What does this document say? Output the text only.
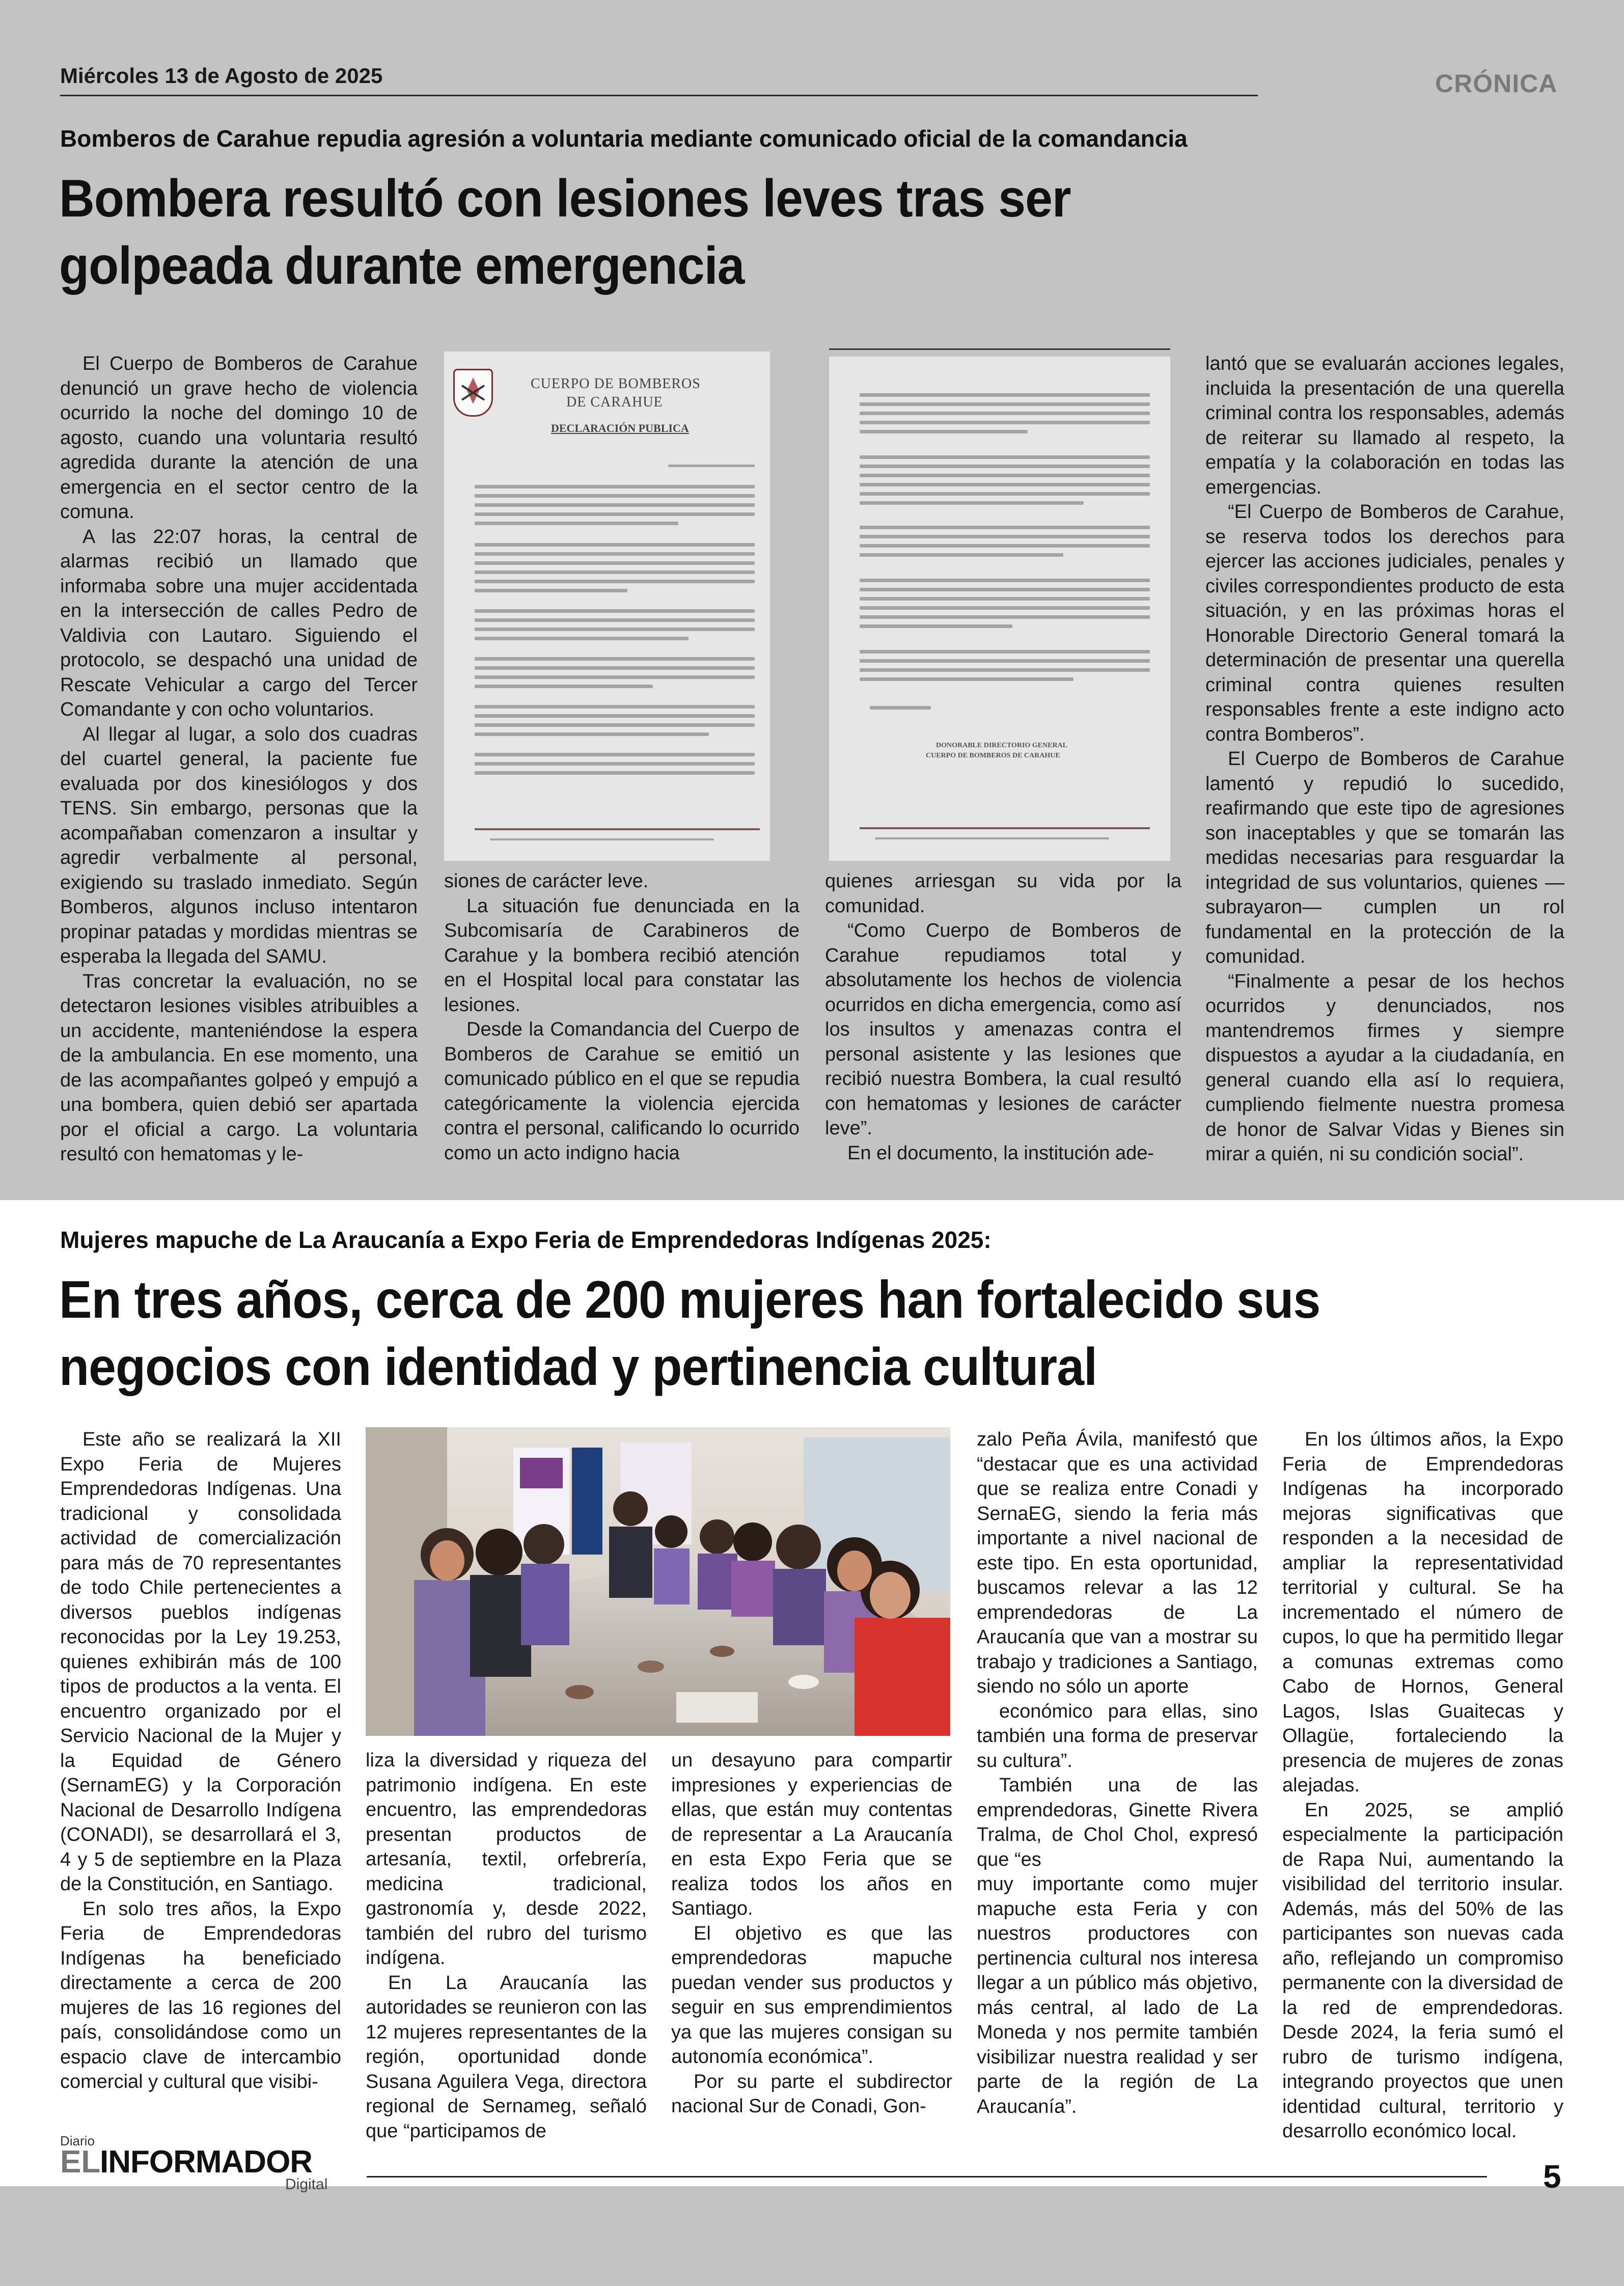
Miércoles 13 de Agosto de 2025	CRÓNICA
Bomberos de Carahue repudia agresión a voluntaria mediante comunicado oficial de la comandancia
Bombera resultó con lesiones leves tras ser golpeada durante emergencia

El Cuerpo de Bomberos de Carahue denunció un grave hecho de violencia ocurrido la noche del domingo 10 de agosto, cuando una voluntaria resultó agredida durante la atención de una emergencia en el sector centro de la comuna.

A las 22:07 horas, la central de alarmas recibió un llamado que informaba sobre una mujer accidentada en la intersección de calles Pedro de Valdivia con Lautaro. Siguiendo el protocolo, se despachó una unidad de Rescate Vehicular a cargo del Tercer Comandante y con ocho voluntarios.

Al llegar al lugar, a solo dos cuadras del cuartel general, la paciente fue evaluada por dos kinesiólogos y dos TENS. Sin embargo, personas que la acompañaban comenzaron a insultar y agredir verbalmente al personal, exigiendo su traslado inmediato. Según Bomberos, algunos incluso intentaron propinar patadas y mordidas mientras se esperaba la llegada del SAMU.

Tras concretar la evaluación, no se detectaron lesiones visibles atribuibles a un accidente, manteniéndose la espera de la ambulancia. En ese momento, una de las acompañantes golpeó y empujó a una bombera, quien debió ser apartada por el oficial a cargo. La voluntaria resultó con hematomas y le-

CUERPO DE BOMBEROS
DE CARAHUE
DECLARACIÓN PUBLICA

siones de carácter leve.

La situación fue denunciada en la Subcomisaría de Carabineros de Carahue y la bombera recibió atención en el Hospital local para constatar las lesiones.

Desde la Comandancia del Cuerpo de Bomberos de Carahue se emitió un comunicado público en el que se repudia categóricamente la violencia ejercida contra el personal, calificando lo ocurrido como un acto indigno hacia

DONORABLE DIRECTORIO GENERAL
CUERPO DE BOMBEROS DE CARAHUE

quienes arriesgan su vida por la comunidad.

“Como Cuerpo de Bomberos de Carahue repudiamos total y absolutamente los hechos de violencia ocurridos en dicha emergencia, como así los insultos y amenazas contra el personal asistente y las lesiones que recibió nuestra Bombera, la cual resultó con hematomas y lesiones de carácter leve”.

En el documento, la institución ade-

lantó que se evaluarán acciones legales, incluida la presentación de una querella criminal contra los responsables, además de reiterar su llamado al respeto, la empatía y la colaboración en todas las emergencias.

“El Cuerpo de Bomberos de Carahue, se reserva todos los derechos para ejercer las acciones judiciales, penales y civiles correspondientes producto de esta situación, y en las próximas horas el Honorable Directorio General tomará la determinación de presentar una querella criminal contra quienes resulten responsables frente a este indigno acto contra Bomberos”.

El Cuerpo de Bomberos de Carahue lamentó y repudió lo sucedido, reafirmando que este tipo de agresiones son inaceptables y que se tomarán las medidas necesarias para resguardar la integridad de sus voluntarios, quienes —subrayaron— cumplen un rol fundamental en la protección de la comunidad.

“Finalmente a pesar de los hechos ocurridos y denunciados, nos mantendremos firmes y siempre dispuestos a ayudar a la ciudadanía, en general cuando ella así lo requiera, cumpliendo fielmente nuestra promesa de honor de Salvar Vidas y Bienes sin mirar a quién, ni su condición social”.

Mujeres mapuche de La Araucanía a Expo Feria de Emprendedoras Indígenas 2025:
En tres años, cerca de 200 mujeres han fortalecido sus negocios con identidad y pertinencia cultural

Este año se realizará la XII Expo Feria de Mujeres Emprendedoras Indígenas. Una tradicional y consolidada actividad de comercialización para más de 70 representantes de todo Chile pertenecientes a diversos pueblos indígenas reconocidas por la Ley 19.253, quienes exhibirán más de 100 tipos de productos a la venta. El encuentro organizado por el Servicio Nacional de la Mujer y la Equidad de Género (SernamEG) y la Corporación Nacional de Desarrollo Indígena (CONADI), se desarrollará el 3, 4 y 5 de septiembre en la Plaza de la Constitución, en Santiago.

En solo tres años, la Expo Feria de Emprendedoras Indígenas ha beneficiado directamente a cerca de 200 mujeres de las 16 regiones del país, consolidándose como un espacio clave de intercambio comercial y cultural que visibi-

liza la diversidad y riqueza del patrimonio indígena. En este encuentro, las emprendedoras presentan productos de artesanía, textil, orfebrería, medicina tradicional, gastronomía y, desde 2022, también del rubro del turismo indígena.

En La Araucanía las autoridades se reunieron con las 12 mujeres representantes de la región, oportunidad donde Susana Aguilera Vega, directora regional de Sernameg, señaló que “participamos de

un desayuno para compartir impresiones y experiencias de ellas, que están muy contentas de representar a La Araucanía en esta Expo Feria que se realiza todos los años en Santiago.

El objetivo es que las emprendedoras mapuche puedan vender sus productos y seguir en sus emprendimientos ya que las mujeres consigan su autonomía económica”.

Por su parte el subdirector nacional Sur de Conadi, Gon-

zalo Peña Ávila, manifestó que “destacar que es una actividad que se realiza entre Conadi y SernaEG, siendo la feria más importante a nivel nacional de este tipo. En esta oportunidad, buscamos relevar a las 12 emprendedoras de La Araucanía que van a mostrar su trabajo y tradiciones a Santiago, siendo no sólo un aporte

económico para ellas, sino también una forma de preservar su cultura”.

También una de las emprendedoras, Ginette Rivera Tralma, de Chol Chol, expresó que “es

muy importante como mujer mapuche esta Feria y con nuestros productores con pertinencia cultural nos interesa llegar a un público más objetivo, más central, al lado de La Moneda y nos permite también visibilizar nuestra realidad y ser parte de la región de La Araucanía”.

En los últimos años, la Expo Feria de Emprendedoras Indígenas ha incorporado mejoras significativas que responden a la necesidad de ampliar la representatividad territorial y cultural. Se ha incrementado el número de cupos, lo que ha permitido llegar a comunas extremas como Cabo de Hornos, General Lagos, Islas Guaitecas y Ollagüe, fortaleciendo la presencia de mujeres de zonas alejadas.

En 2025, se amplió especialmente la participación de Rapa Nui, aumentando la visibilidad del territorio insular. Además, más del 50% de las participantes son nuevas cada año, reflejando un compromiso permanente con la diversidad de la red de emprendedoras. Desde 2024, la feria sumó el rubro de turismo indígena, integrando proyectos que unen identidad cultural, territorio y desarrollo económico local.

Diario
EL
INFORMADOR
Digital	5
